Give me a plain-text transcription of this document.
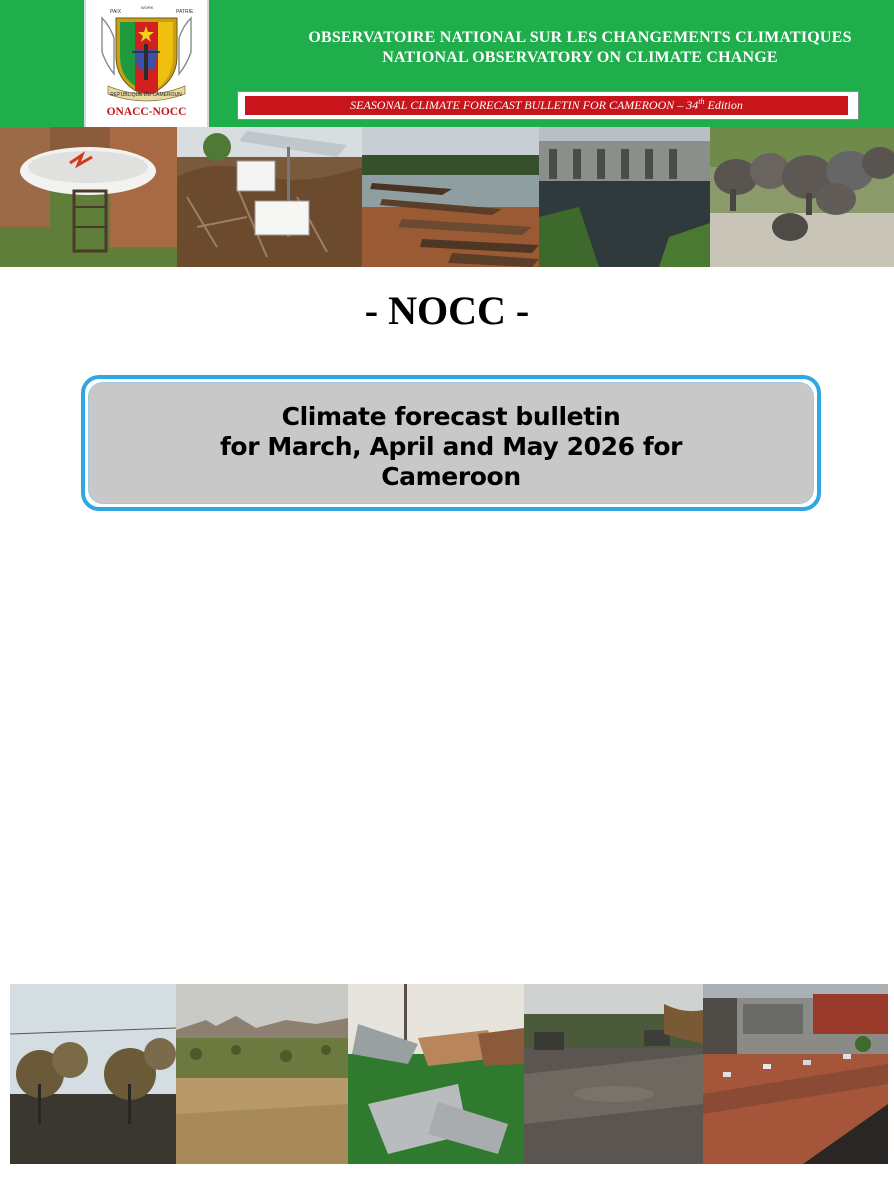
PAIX
WORK
PATRIE
REPUBLIQUE DU CAMEROUN
ONACC-NOCC
OBSERVATOIRE NATIONAL SUR LES CHANGEMENTS CLIMATIQUES
NATIONAL OBSERVATORY ON CLIMATE CHANGE
SEASONAL CLIMATE FORECAST BULLETIN FOR CAMEROON – 34th Edition
- NOCC -
Climate forecast bulletin
for March, April and May 2026 for
Cameroon
